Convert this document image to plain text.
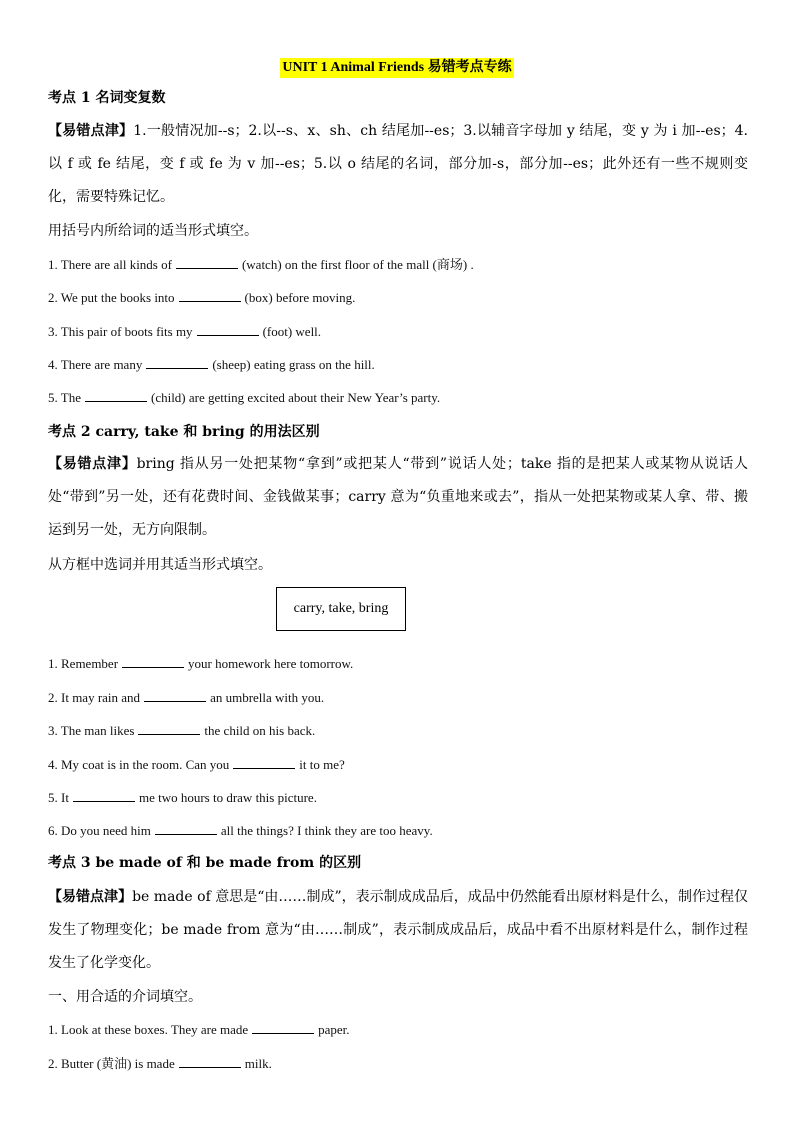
UNIT 1 Animal Friends 易错考点专练
考点 1 名词变复数
【易错点津】1.一般情况加--s；2.以--s、x、sh、ch 结尾加--es；3.以辅音字母加 y 结尾，变 y 为 i 加--es；4.以 f 或 fe 结尾，变 f 或 fe 为 v 加--es；5.以 o 结尾的名词，部分加-s，部分加--es；此外还有一些不规则变化，需要特殊记忆。
用括号内所给词的适当形式填空。
1. There are all kinds of	(watch) on the first floor of the mall (商场) .
2. We put the books into	(box) before moving.
3. This pair of boots fits my	(foot) well.
4. There are many	(sheep) eating grass on the hill.
5. The	(child) are getting excited about their New Year’s party.
考点 2 carry, take 和 bring 的用法区别
【易错点津】bring 指从另一处把某物“拿到”或把某人“带到”说话人处；take 指的是把某人或某物从说话人处“带到”另一处，还有花费时间、金钱做某事；carry 意为“负重地来或去”，指从一处把某物或某人拿、带、搬运到另一处，无方向限制。
从方框中选词并用其适当形式填空。
carry, take, bring
1. Remember	your homework here tomorrow.
2. It may rain and	an umbrella with you.
3. The man likes	the child on his back.
4. My coat is in the room. Can you	it to me?
5. It	me two hours to draw this picture.
6. Do you need him	all the things? I think they are too heavy.
考点 3 be made of 和 be made from 的区别
【易错点津】be made of 意思是“由……制成”，表示制成成品后，成品中仍然能看出原材料是什么，制作过程仅发生了物理变化；be made from 意为“由……制成”，表示制成成品后，成品中看不出原材料是什么，制作过程发生了化学变化。
一、用合适的介词填空。
1. Look at these boxes. They are made	paper.
2. Butter (黄油) is made	milk.
